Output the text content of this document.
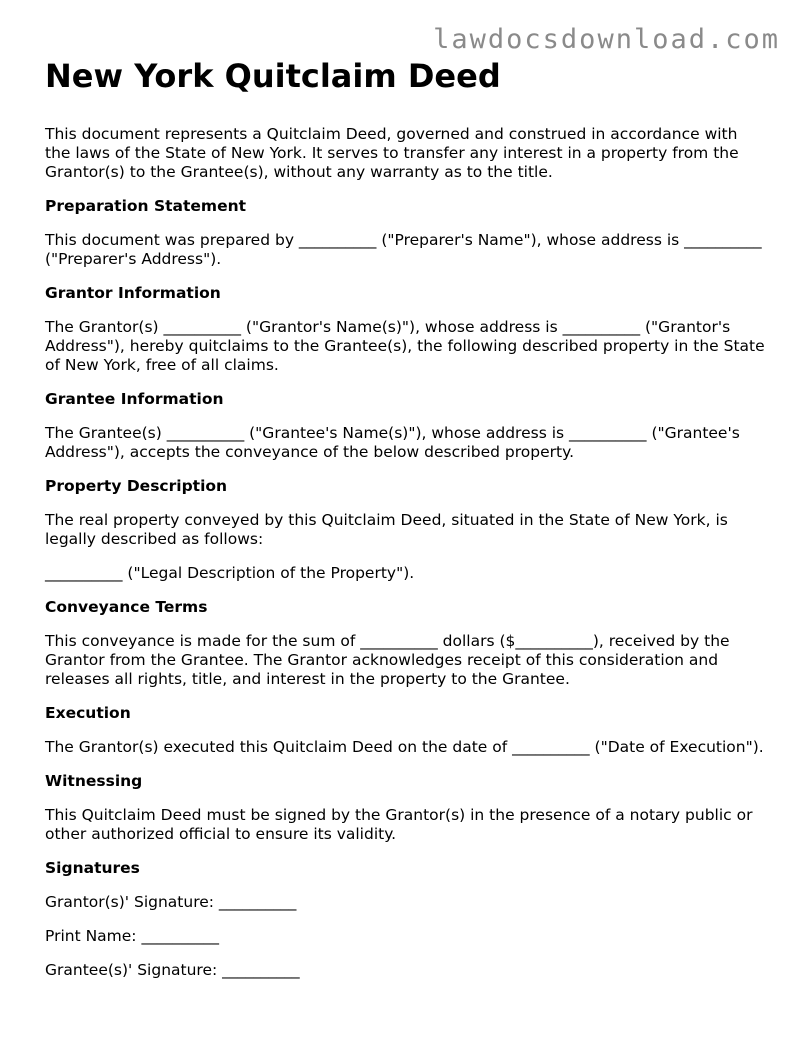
lawdocsdownload.com
New York Quitclaim Deed

This document represents a Quitclaim Deed, governed and construed in accordance with the laws of the State of New York. It serves to transfer any interest in a property from the Grantor(s) to the Grantee(s), without any warranty as to the title.

Preparation Statement

This document was prepared by __________ ("Preparer's Name"), whose address is __________ ("Preparer's Address").

Grantor Information

The Grantor(s) __________ ("Grantor's Name(s)"), whose address is __________ ("Grantor's Address"), hereby quitclaims to the Grantee(s), the following described property in the State of New York, free of all claims.

Grantee Information

The Grantee(s) __________ ("Grantee's Name(s)"), whose address is __________ ("Grantee's Address"), accepts the conveyance of the below described property.

Property Description

The real property conveyed by this Quitclaim Deed, situated in the State of New York, is legally described as follows:

__________ ("Legal Description of the Property").

Conveyance Terms

This conveyance is made for the sum of __________ dollars ($__________), received by the Grantor from the Grantee. The Grantor acknowledges receipt of this consideration and releases all rights, title, and interest in the property to the Grantee.

Execution

The Grantor(s) executed this Quitclaim Deed on the date of __________ ("Date of Execution").

Witnessing

This Quitclaim Deed must be signed by the Grantor(s) in the presence of a notary public or other authorized official to ensure its validity.

Signatures

Grantor(s)' Signature: __________

Print Name: __________

Grantee(s)' Signature: __________
